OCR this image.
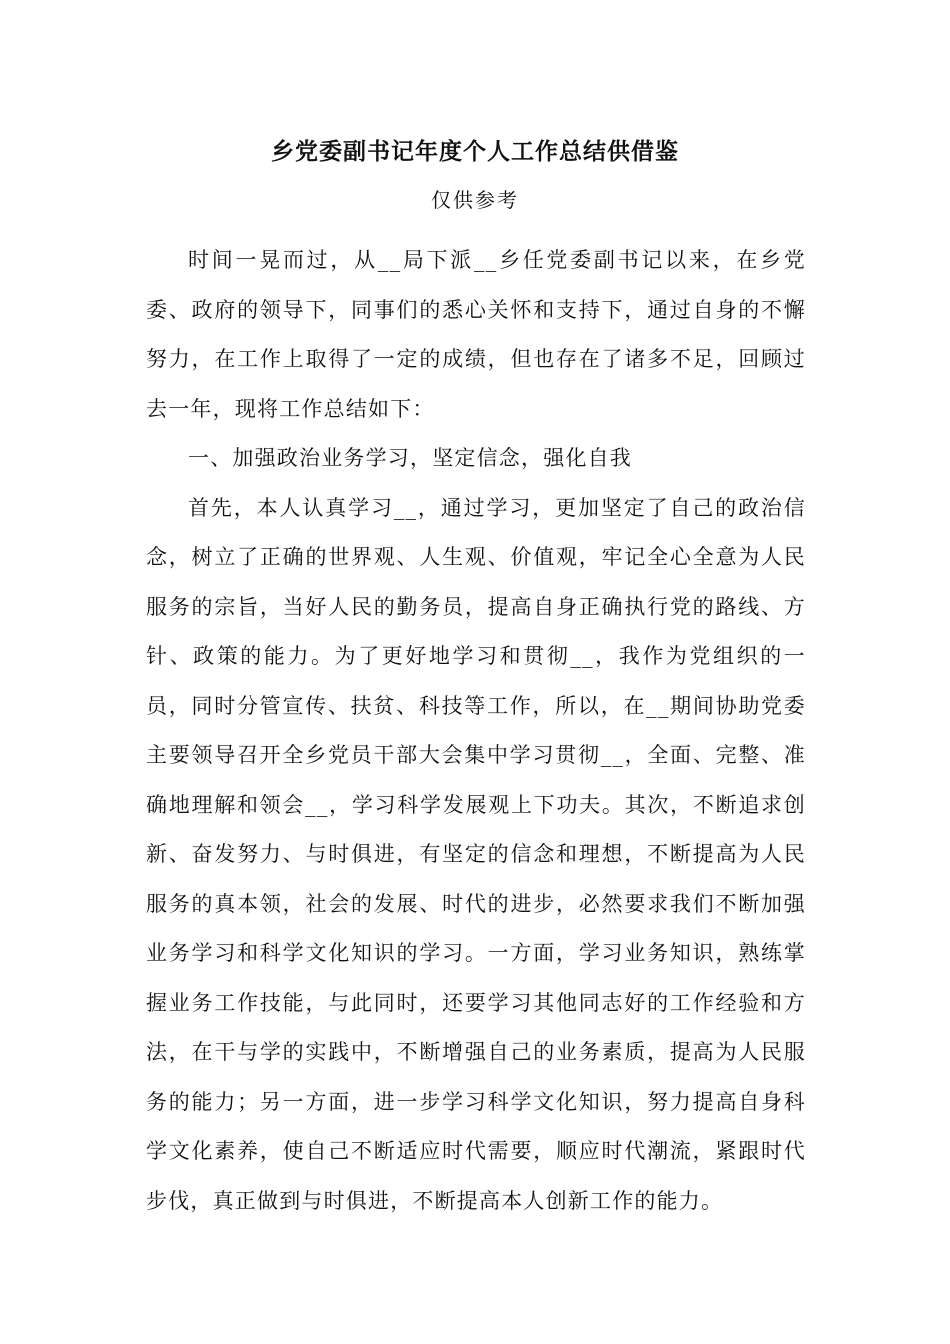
乡党委副书记年度个人工作总结供借鉴
仅供参考

时间一晃而过，从__局下派__乡任党委副书记以来，在乡党委、政府的领导下，同事们的悉心关怀和支持下，通过自身的不懈努力，在工作上取得了一定的成绩，但也存在了诸多不足，回顾过去一年，现将工作总结如下：

一、加强政治业务学习，坚定信念，强化自我

首先，本人认真学习__，通过学习，更加坚定了自己的政治信念，树立了正确的世界观、人生观、价值观，牢记全心全意为人民服务的宗旨，当好人民的勤务员，提高自身正确执行党的路线、方针、政策的能力。为了更好地学习和贯彻__，我作为党组织的一员，同时分管宣传、扶贫、科技等工作，所以，在__期间协助党委主要领导召开全乡党员干部大会集中学习贯彻__，全面、完整、准确地理解和领会__，学习科学发展观上下功夫。其次，不断追求创新、奋发努力、与时俱进，有坚定的信念和理想，不断提高为人民服务的真本领，社会的发展、时代的进步，必然要求我们不断加强业务学习和科学文化知识的学习。一方面，学习业务知识，熟练掌握业务工作技能，与此同时，还要学习其他同志好的工作经验和方法，在干与学的实践中，不断增强自己的业务素质，提高为人民服务的能力；另一方面，进一步学习科学文化知识，努力提高自身科学文化素养，使自己不断适应时代需要，顺应时代潮流，紧跟时代步伐，真正做到与时俱进，不断提高本人创新工作的能力。
